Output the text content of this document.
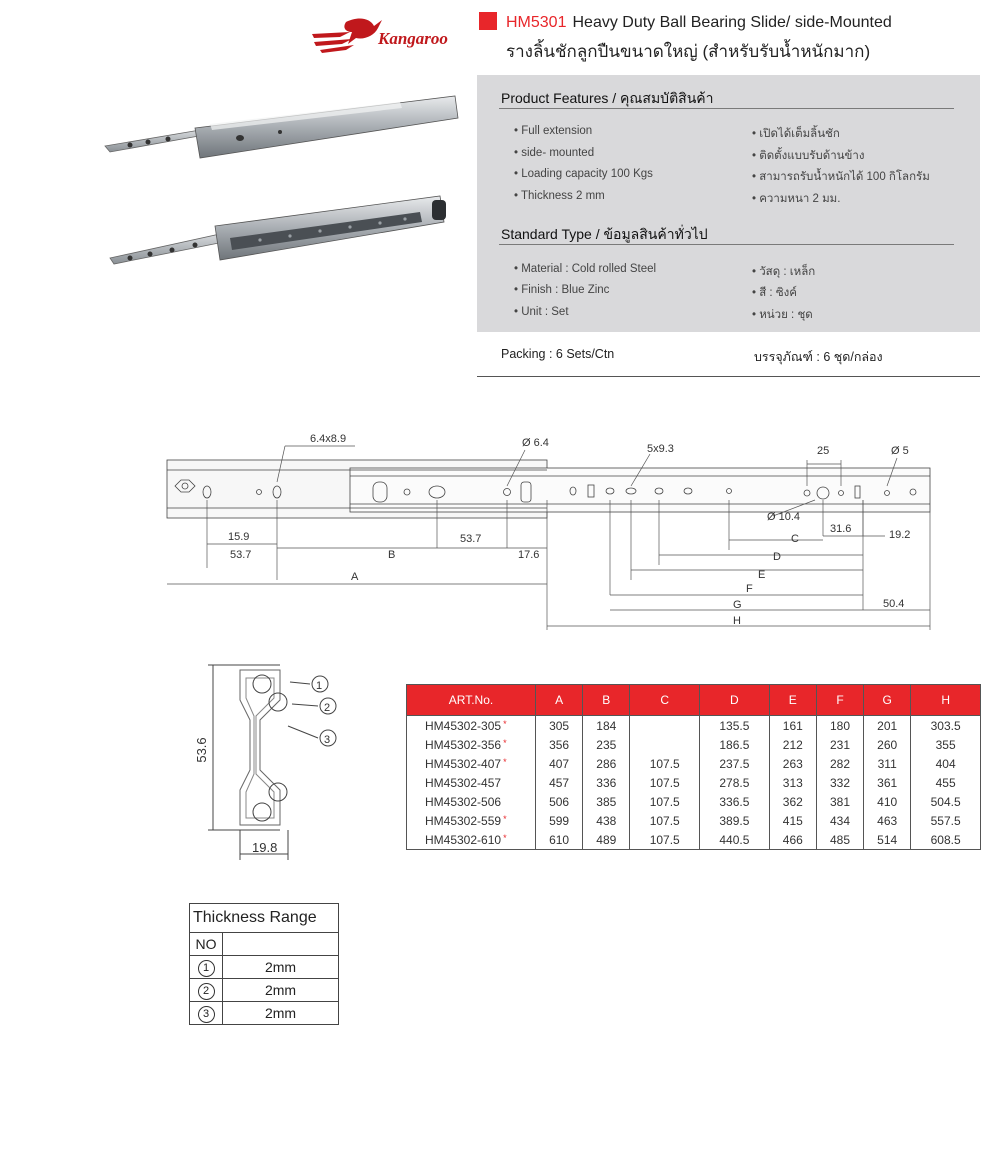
Kangaroo
HM5301 Heavy Duty Ball Bearing Slide/ side-Mounted
รางลิ้นชักลูกปืนขนาดใหญ่ (สำหรับรับน้ำหนักมาก)
Product Features / คุณสมบัติสินค้า
• Full extension
• side- mounted
• Loading capacity 100 Kgs
• Thickness 2 mm
• เปิดได้เต็มลิ้นชัก
• ติดตั้งแบบรับด้านข้าง
• สามารถรับน้ำหนักได้ 100 กิโลกรัม
• ความหนา 2 มม.
Standard Type / ข้อมูลสินค้าทั่วไป
• Material : Cold rolled Steel
• Finish : Blue Zinc
• Unit : Set
• วัสดุ : เหล็ก
• สี : ซิงค์
• หน่วย : ชุด
Packing : 6 Sets/Ctn	บรรจุภัณฑ์ : 6 ชุด/กล่อง
6.4x8.9	Ø 6.4	5x9.3	25	Ø 5
Ø 10.4
15.9
53.7	B
53.7
17.6
C
31.6	19.2
D
E
F
A
G	50.4
H
53.6
19.8
1
2
3
ART.No.	A	B	C	D	E	F	G	H
HM45302-305 *	305	184		135.5	161	180	201	303.5
HM45302-356 *	356	235		186.5	212	231	260	355
HM45302-407 *	407	286	107.5	237.5	263	282	311	404
HM45302-457	457	336	107.5	278.5	313	332	361	455
HM45302-506	506	385	107.5	336.5	362	381	410	504.5
HM45302-559 *	599	438	107.5	389.5	415	434	463	557.5
HM45302-610 *	610	489	107.5	440.5	466	485	514	608.5
Thickness Range	
NO	
1	2mm
2	2mm
3	2mm
